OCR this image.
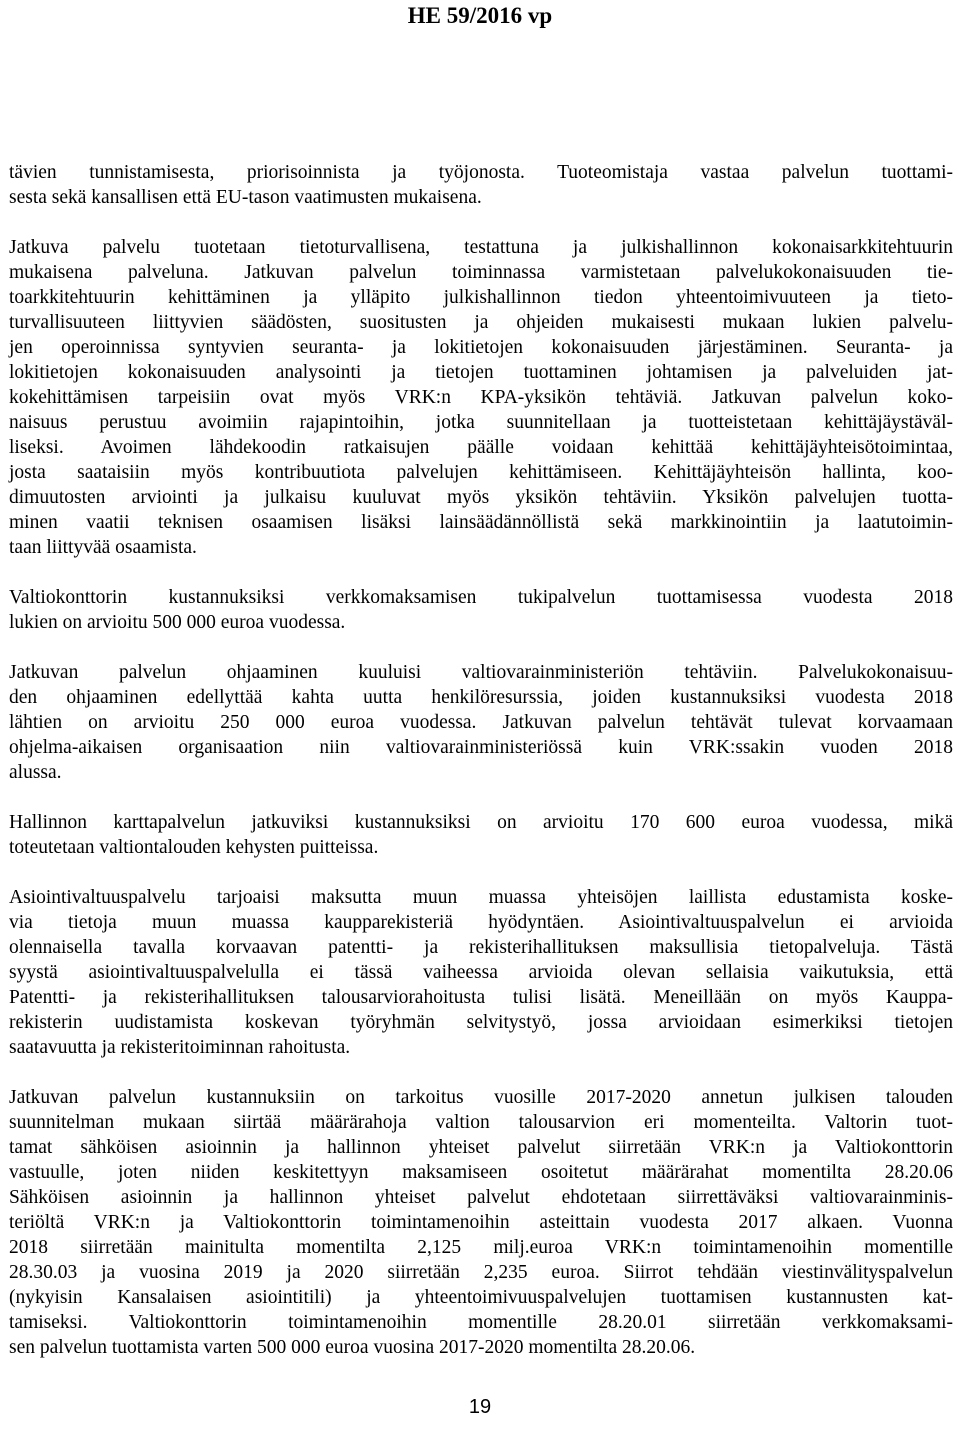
HE 59/2016 vp

tävien tunnistamisesta, priorisoinnista ja työjonosta. Tuoteomistaja vastaa palvelun tuottami-
sesta sekä kansallisen että EU-tason vaatimusten mukaisena.

Jatkuva palvelu tuotetaan tietoturvallisena, testattuna ja julkishallinnon kokonaisarkkitehtuurin
mukaisena palveluna. Jatkuvan palvelun toiminnassa varmistetaan palvelukokonaisuuden tie-
toarkkitehtuurin kehittäminen ja ylläpito julkishallinnon tiedon yhteentoimivuuteen ja tieto-
turvallisuuteen liittyvien säädösten, suositusten ja ohjeiden mukaisesti mukaan lukien palvelu-
jen operoinnissa syntyvien seuranta- ja lokitietojen kokonaisuuden järjestäminen. Seuranta- ja
lokitietojen kokonaisuuden analysointi ja tietojen tuottaminen johtamisen ja palveluiden jat-
kokehittämisen tarpeisiin ovat myös VRK:n KPA-yksikön tehtäviä. Jatkuvan palvelun koko-
naisuus perustuu avoimiin rajapintoihin, jotka suunnitellaan ja tuotteistetaan kehittäjäystäväl-
liseksi. Avoimen lähdekoodin ratkaisujen päälle voidaan kehittää kehittäjäyhteisötoimintaa,
josta saataisiin myös kontribuutiota palvelujen kehittämiseen. Kehittäjäyhteisön hallinta, koo-
dimuutosten arviointi ja julkaisu kuuluvat myös yksikön tehtäviin. Yksikön palvelujen tuotta-
minen vaatii teknisen osaamisen lisäksi lainsäädännöllistä sekä markkinointiin ja laatutoimin-
taan liittyvää osaamista.

Valtiokonttorin kustannuksiksi verkkomaksamisen tukipalvelun tuottamisessa vuodesta 2018
lukien on arvioitu 500 000 euroa vuodessa.

Jatkuvan palvelun ohjaaminen kuuluisi valtiovarainministeriön tehtäviin. Palvelukokonaisuu-
den ohjaaminen edellyttää kahta uutta henkilöresurssia, joiden kustannuksiksi vuodesta 2018
lähtien on arvioitu 250 000 euroa vuodessa. Jatkuvan palvelun tehtävät tulevat korvaamaan
ohjelma-aikaisen organisaation niin valtiovarainministeriössä kuin VRK:ssakin vuoden 2018
alussa.

Hallinnon karttapalvelun jatkuviksi kustannuksiksi on arvioitu 170 600 euroa vuodessa, mikä
toteutetaan valtiontalouden kehysten puitteissa.

Asiointivaltuuspalvelu tarjoaisi maksutta muun muassa yhteisöjen laillista edustamista koske-
via tietoja muun muassa kaupparekisteriä hyödyntäen. Asiointivaltuuspalvelun ei arvioida
olennaisella tavalla korvaavan patentti- ja rekisterihallituksen maksullisia tietopalveluja. Tästä
syystä asiointivaltuuspalvelulla ei tässä vaiheessa arvioida olevan sellaisia vaikutuksia, että
Patentti- ja rekisterihallituksen talousarviorahoitusta tulisi lisätä. Meneillään on myös Kauppa-
rekisterin uudistamista koskevan työryhmän selvitystyö, jossa arvioidaan esimerkiksi tietojen
saatavuutta ja rekisteritoiminnan rahoitusta.

Jatkuvan palvelun kustannuksiin on tarkoitus vuosille 2017-2020 annetun julkisen talouden
suunnitelman mukaan siirtää määrärahoja valtion talousarvion eri momenteilta. Valtorin tuot-
tamat sähköisen asioinnin ja hallinnon yhteiset palvelut siirretään VRK:n ja Valtiokonttorin
vastuulle, joten niiden keskitettyyn maksamiseen osoitetut määrärahat momentilta 28.20.06
Sähköisen asioinnin ja hallinnon yhteiset palvelut ehdotetaan siirrettäväksi valtiovarainminis-
teriöltä VRK:n ja Valtiokonttorin toimintamenoihin asteittain vuodesta 2017 alkaen. Vuonna
2018 siirretään mainitulta momentilta 2,125 milj.euroa VRK:n toimintamenoihin momentille
28.30.03 ja vuosina 2019 ja 2020 siirretään 2,235 euroa. Siirrot tehdään viestinvälityspalvelun
(nykyisin Kansalaisen asiointitili) ja yhteentoimivuuspalvelujen tuottamisen kustannusten kat-
tamiseksi. Valtiokonttorin toimintamenoihin momentille 28.20.01 siirretään verkkomaksami-
sen palvelun tuottamista varten 500 000 euroa vuosina 2017-2020 momentilta 28.20.06.

19
